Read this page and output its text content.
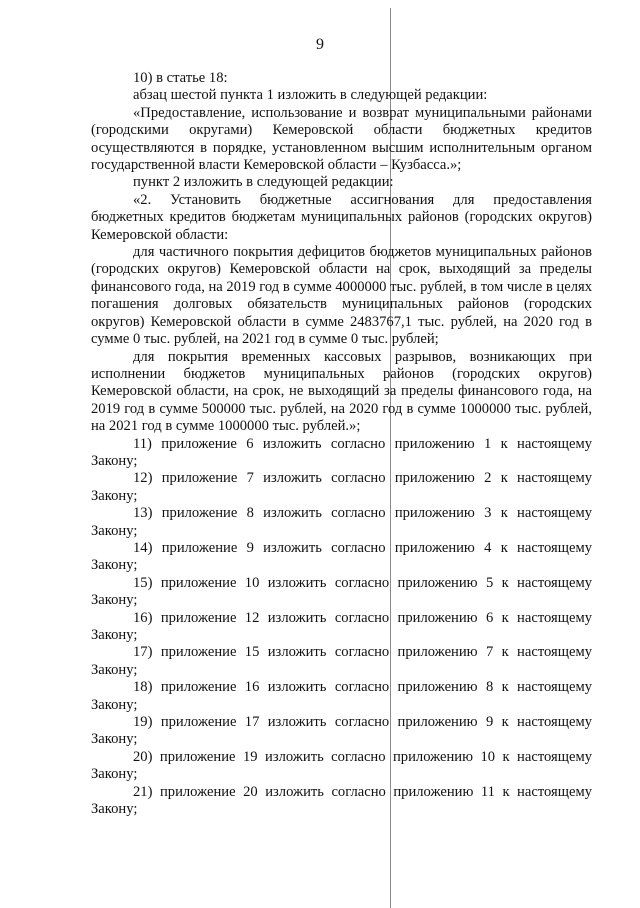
9

10) в статье 18:

абзац шестой пункта 1 изложить в следующей редакции:

«Предоставление, использование и возврат муниципальными районами (городскими округами) Кемеровской области бюджетных кредитов осуществляются в порядке, установленном высшим исполнительным органом государственной власти Кемеровской области – Кузбасса.»;

пункт 2 изложить в следующей редакции:

«2. Установить бюджетные ассигнования для предоставления бюджетных кредитов бюджетам муниципальных районов (городских округов) Кемеровской области:

для частичного покрытия дефицитов бюджетов муниципальных районов (городских округов) Кемеровской области на срок, выходящий за пределы финансового года, на 2019 год в сумме 4000000 тыс. рублей, в том числе в целях погашения долговых обязательств муниципальных районов (городских округов) Кемеровской области в сумме 2483767,1 тыс. рублей, на 2020 год в сумме 0 тыс. рублей, на 2021 год в сумме 0 тыс. рублей;

для покрытия временных кассовых разрывов, возникающих при исполнении бюджетов муниципальных районов (городских округов) Кемеровской области, на срок, не выходящий за пределы финансового года, на 2019 год в сумме 500000 тыс. рублей, на 2020 год в сумме 1000000 тыс. рублей, на 2021 год в сумме 1000000 тыс. рублей.»;

11) приложение 6 изложить согласно приложению 1 к настоящему

Закону;

12) приложение 7 изложить согласно приложению 2 к настоящему

Закону;

13) приложение 8 изложить согласно приложению 3 к настоящему

Закону;

14) приложение 9 изложить согласно приложению 4 к настоящему

Закону;

15) приложение 10 изложить согласно приложению 5 к настоящему

Закону;

16) приложение 12 изложить согласно приложению 6 к настоящему

Закону;

17) приложение 15 изложить согласно приложению 7 к настоящему

Закону;

18) приложение 16 изложить согласно приложению 8 к настоящему

Закону;

19) приложение 17 изложить согласно приложению 9 к настоящему

Закону;

20) приложение 19 изложить согласно приложению 10 к настоящему

Закону;

21) приложение 20 изложить согласно приложению 11 к настоящему

Закону;
